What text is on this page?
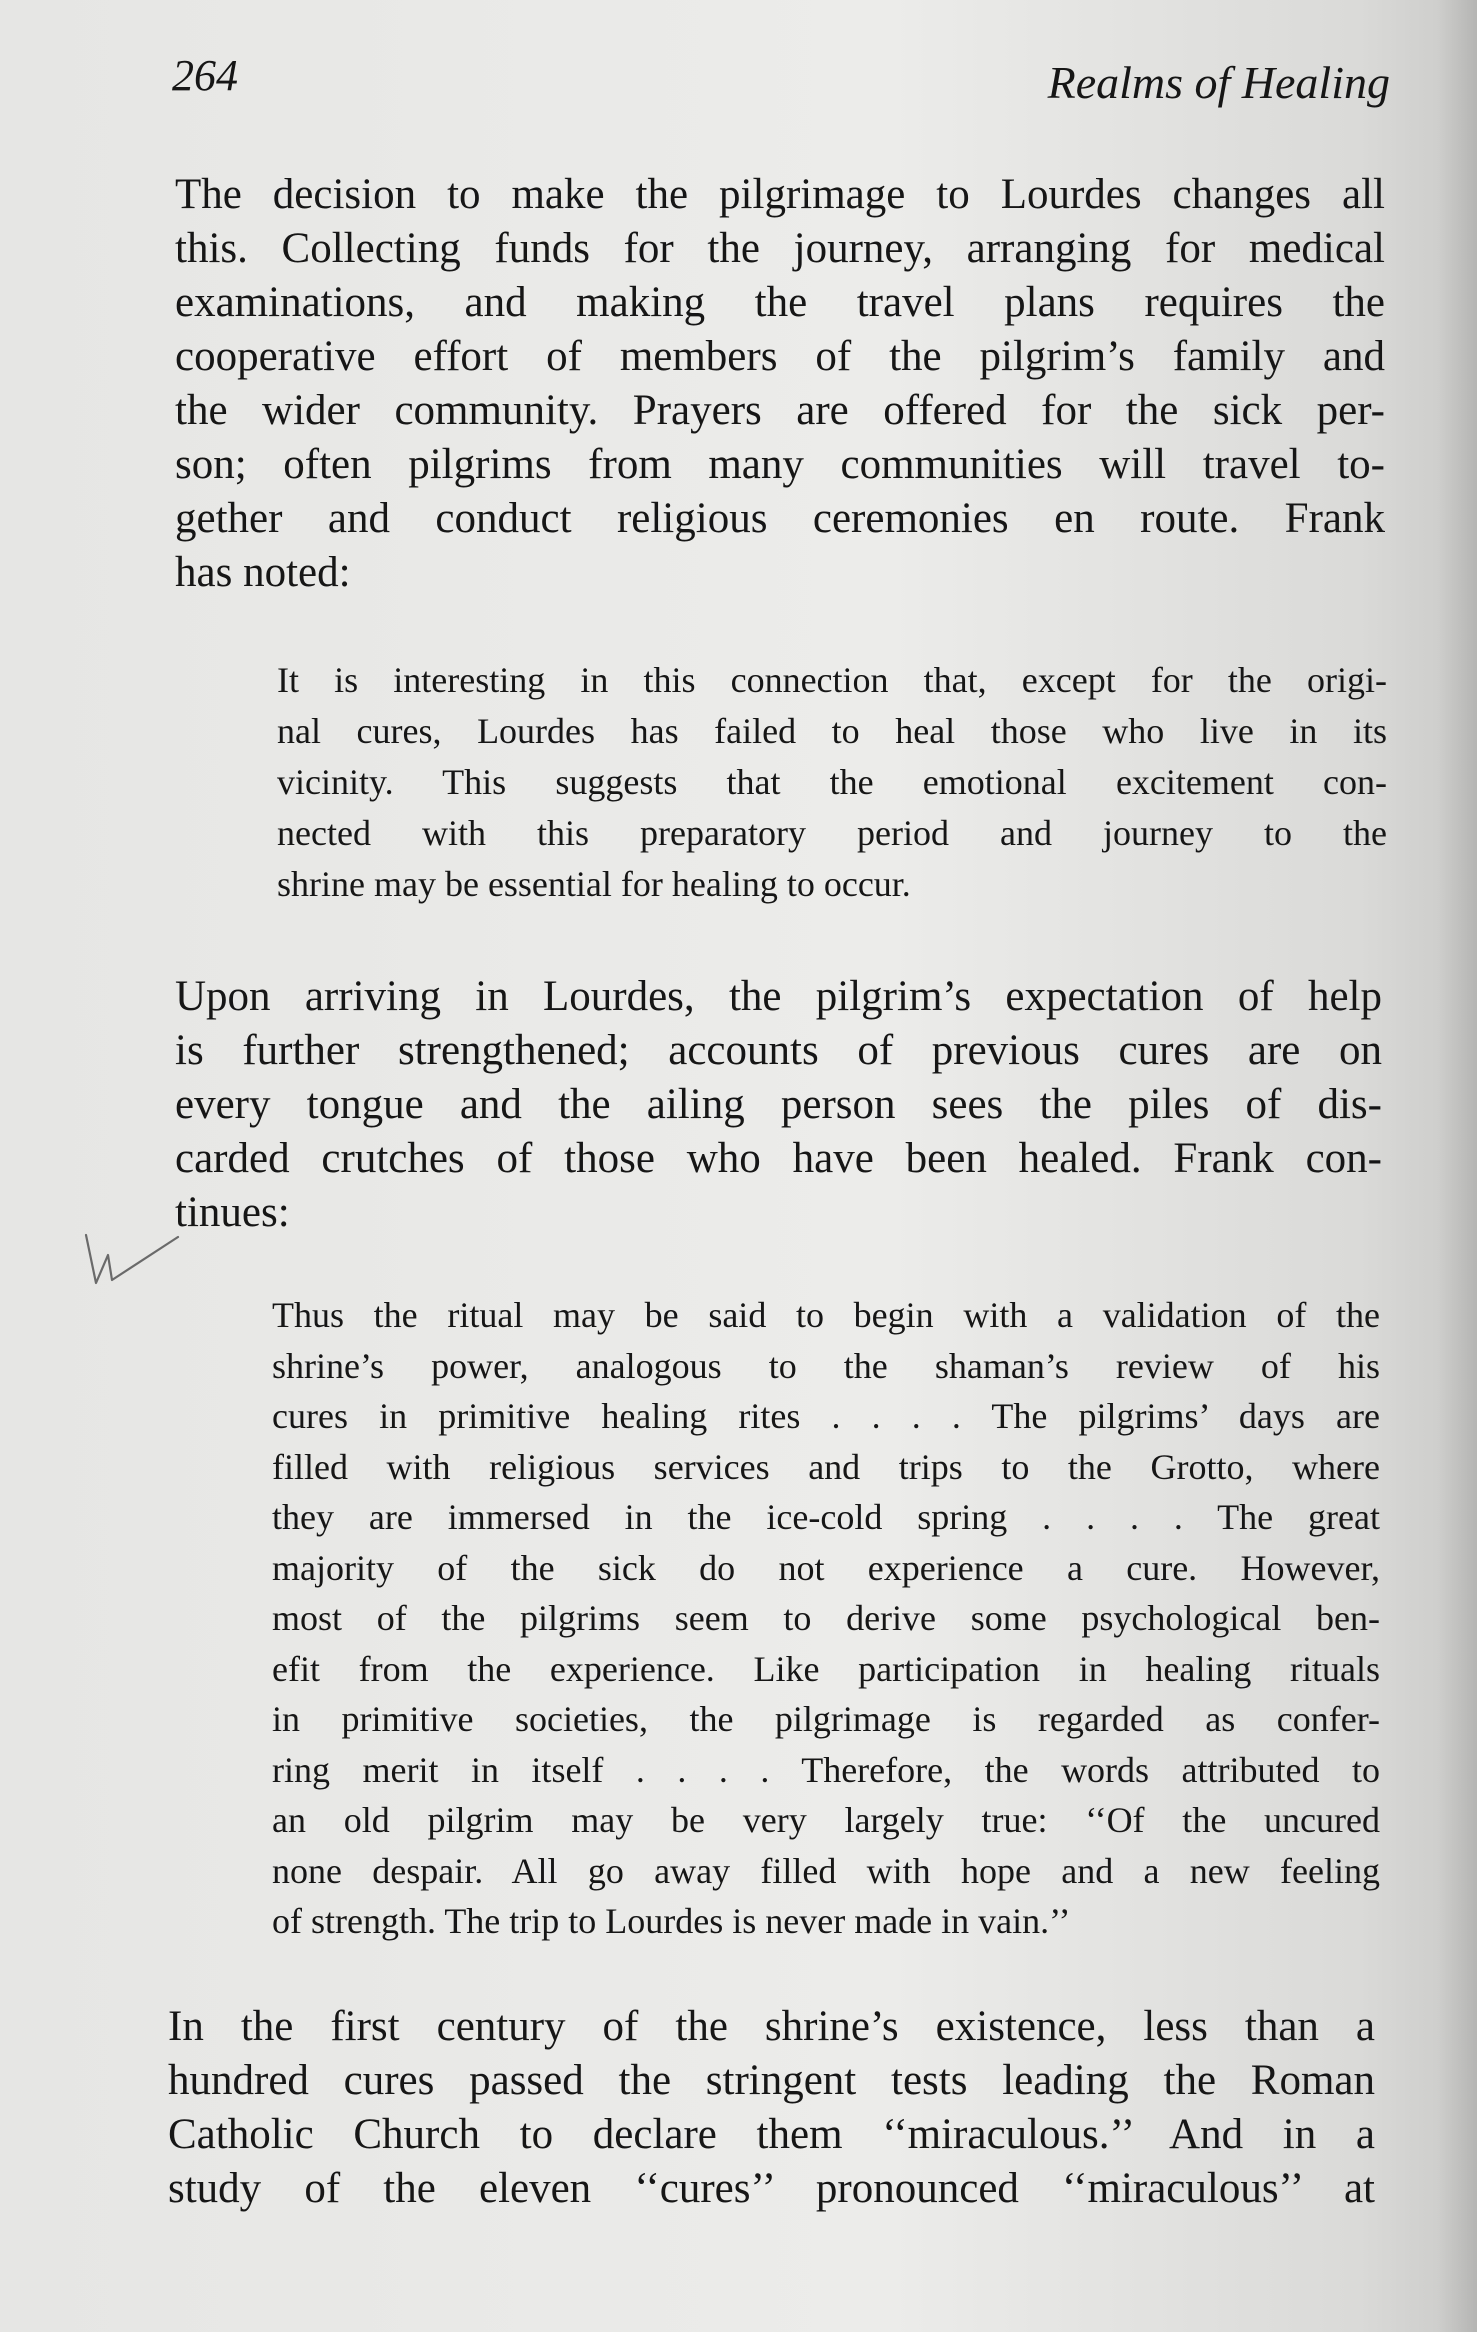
264	Realms of Healing
The decision to make the pilgrimage to Lourdes changes all
this. Collecting funds for the journey, arranging for medical
examinations, and making the travel plans requires the
cooperative effort of members of the pilgrim’s family and
the wider community. Prayers are offered for the sick per-
son; often pilgrims from many communities will travel to-
gether and conduct religious ceremonies en route. Frank
has noted:
It is interesting in this connection that, except for the origi-
nal cures, Lourdes has failed to heal those who live in its
vicinity. This suggests that the emotional excitement con-
nected with this preparatory period and journey to the
shrine may be essential for healing to occur.
Upon arriving in Lourdes, the pilgrim’s expectation of help
is further strengthened; accounts of previous cures are on
every tongue and the ailing person sees the piles of dis-
carded crutches of those who have been healed. Frank con-
tinues:
Thus the ritual may be said to begin with a validation of the
shrine’s power, analogous to the shaman’s review of his
cures in primitive healing rites . . . . The pilgrims’ days are
filled with religious services and trips to the Grotto, where
they are immersed in the ice-cold spring . . . . The great
majority of the sick do not experience a cure. However,
most of the pilgrims seem to derive some psychological ben-
efit from the experience. Like participation in healing rituals
in primitive societies, the pilgrimage is regarded as confer-
ring merit in itself . . . . Therefore, the words attributed to
an old pilgrim may be very largely true: ‘‘Of the uncured
none despair. All go away filled with hope and a new feeling
of strength. The trip to Lourdes is never made in vain.’’
In the first century of the shrine’s existence, less than a
hundred cures passed the stringent tests leading the Roman
Catholic Church to declare them ‘‘miraculous.’’ And in a
study of the eleven ‘‘cures’’ pronounced ‘‘miraculous’’ at
